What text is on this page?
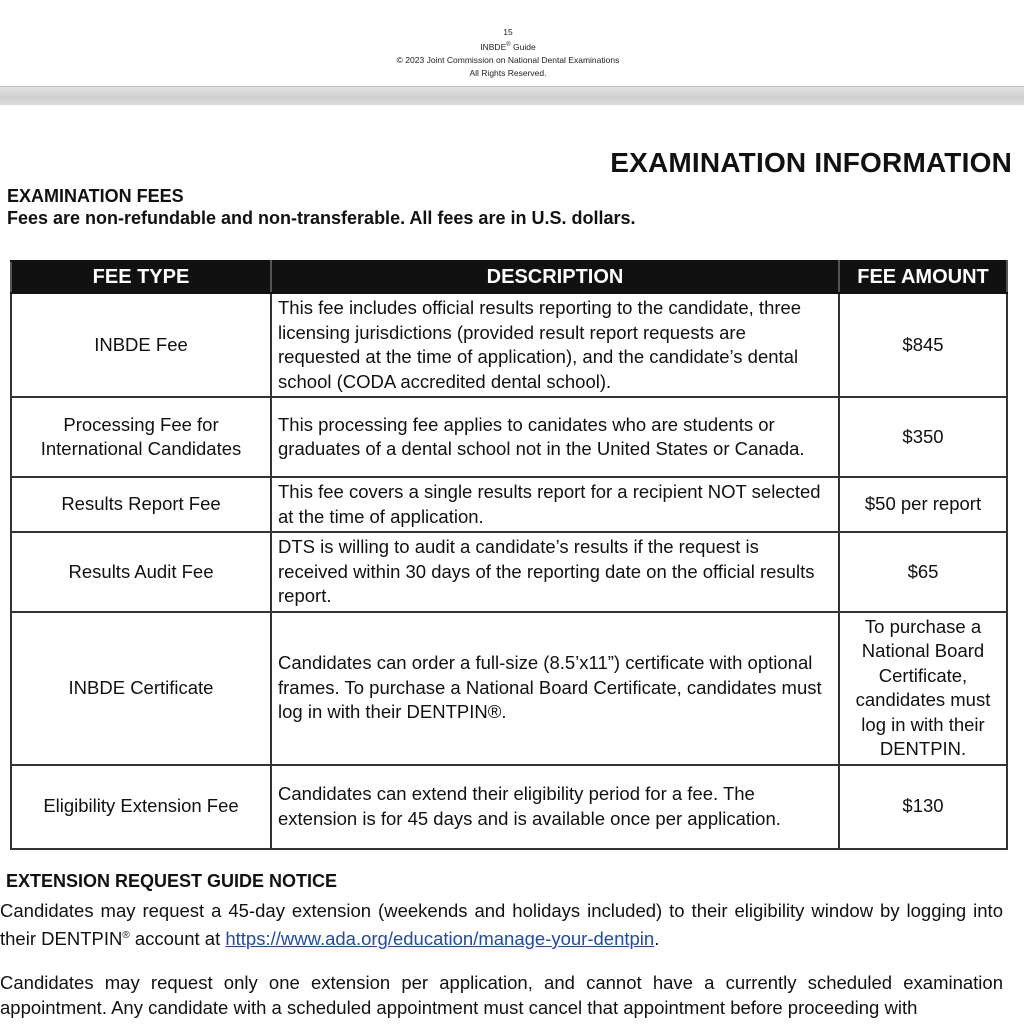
15
INBDE® Guide
© 2023 Joint Commission on National Dental Examinations
All Rights Reserved.
EXAMINATION INFORMATION
EXAMINATION FEES

Fees are non-refundable and non-transferable. All fees are in U.S. dollars.

FEE TYPE	DESCRIPTION	FEE AMOUNT
INBDE Fee	This fee includes official results reporting to the candidate, three licensing jurisdictions (provided result report requests are requested at the time of application), and the candidate’s dental school (CODA accredited dental school).	$845
Processing Fee for International Candidates	This processing fee applies to canidates who are students or graduates of a dental school not in the United States or Canada.	$350
Results Report Fee	This fee covers a single results report for a recipient NOT selected at the time of application.	$50 per report
Results Audit Fee	DTS is willing to audit a candidate’s results if the request is received within 30 days of the reporting date on the official results report.	$65
INBDE Certificate	Candidates can order a full-size (8.5’x11”) certificate with optional frames. To purchase a National Board Certificate, candidates must log in with their DENTPIN®.	To purchase a National Board Certificate, candidates must log in with their DENTPIN.
Eligibility Extension Fee	Candidates can extend their eligibility period for a fee. The extension is for 45 days and is available once per application.	$130
EXTENSION REQUEST GUIDE NOTICE

Candidates may request a 45-day extension (weekends and holidays included) to their eligibility window by logging into their DENTPIN® account at https://www.ada.org/education/manage-your-dentpin.

Candidates may request only one extension per application, and cannot have a currently scheduled examination appointment. Any candidate with a scheduled appointment must cancel that appointment before proceeding with
